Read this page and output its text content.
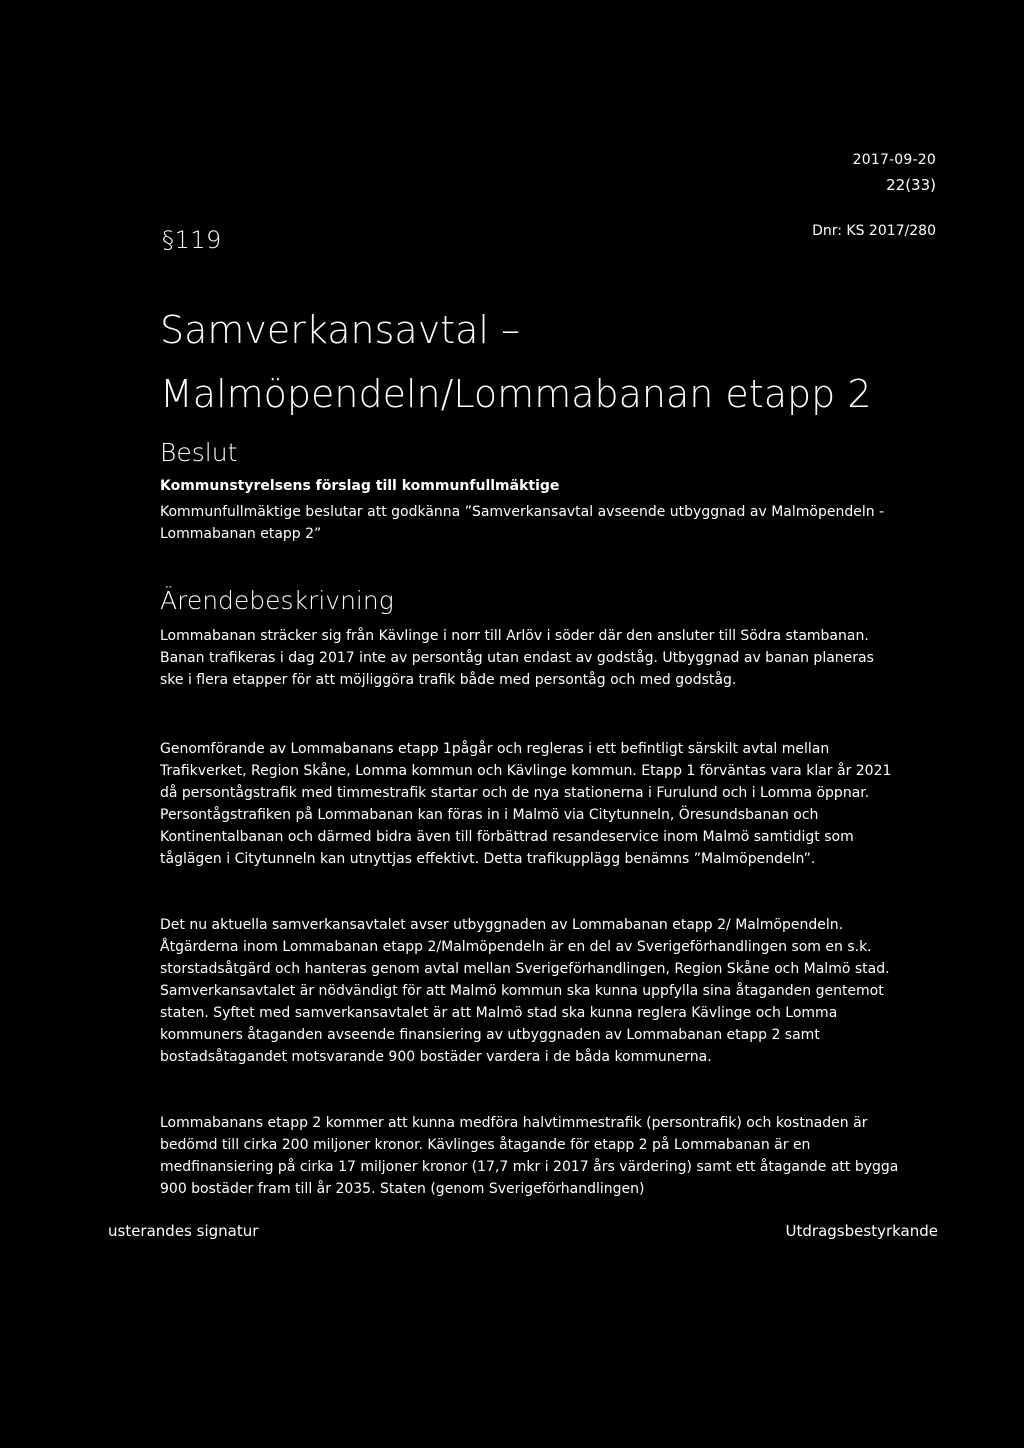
2017-09-20
22(33)
§119	Dnr: KS 2017/280
Samverkansavtal –
Malmöpendeln/Lommabanan etapp 2
Beslut
Kommunstyrelsens förslag till kommunfullmäktige
Kommunfullmäktige beslutar att godkänna ”Samverkansavtal avseende utbyggnad av Malmöpendeln - Lommabanan etapp 2”
Ärendebeskrivning
Lommabanan sträcker sig från Kävlinge i norr till Arlöv i söder där den ansluter till Södra stambanan. Banan trafikeras i dag 2017 inte av persontåg utan endast av godståg. Utbyggnad av banan planeras ske i flera etapper för att möjliggöra trafik både med persontåg och med godståg.
Genomförande av Lommabanans etapp 1pågår och regleras i ett befintligt särskilt avtal mellan Trafikverket, Region Skåne, Lomma kommun och Kävlinge kommun. Etapp 1 förväntas vara klar år 2021 då persontågstrafik med timmestrafik startar och de nya stationerna i Furulund och i Lomma öppnar. Persontågstrafiken på Lommabanan kan föras in i Malmö via Citytunneln, Öresundsbanan och Kontinentalbanan och därmed bidra även till förbättrad resandeservice inom Malmö samtidigt som tåglägen i Citytunneln kan utnyttjas effektivt. Detta trafikupplägg benämns ”Malmöpendeln”.
Det nu aktuella samverkansavtalet avser utbyggnaden av Lommabanan etapp 2/ Malmöpendeln. Åtgärderna inom Lommabanan etapp 2/Malmöpendeln är en del av Sverigeförhandlingen som en s.k. storstadsåtgärd och hanteras genom avtal mellan Sverigeförhandlingen, Region Skåne och Malmö stad. Samverkansavtalet är nödvändigt för att Malmö kommun ska kunna uppfylla sina åtaganden gentemot staten. Syftet med samverkansavtalet är att Malmö stad ska kunna reglera Kävlinge och Lomma kommuners åtaganden avseende finansiering av utbyggnaden av Lommabanan etapp 2 samt bostadsåtagandet motsvarande 900 bostäder vardera i de båda kommunerna.
Lommabanans etapp 2 kommer att kunna medföra halvtimmestrafik (persontrafik) och kostnaden är bedömd till cirka 200 miljoner kronor. Kävlinges åtagande för etapp 2 på Lommabanan är en medfinansiering på cirka 17 miljoner kronor (17,7 mkr i 2017 års värdering) samt ett åtagande att bygga 900 bostäder fram till år 2035. Staten (genom Sverigeförhandlingen)
usterandes signatur	Utdragsbestyrkande
